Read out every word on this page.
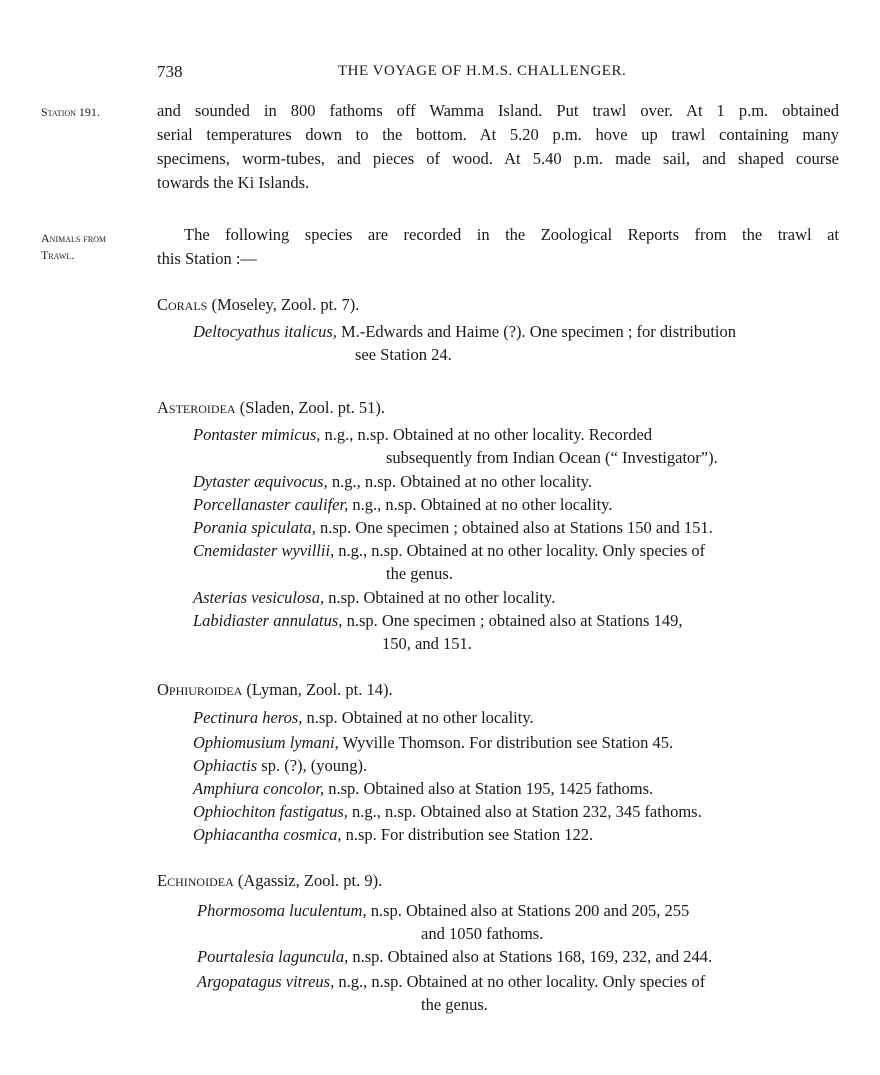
738	THE VOYAGE OF H.M.S. CHALLENGER.
Station 191.
Animals from
Trawl.
and sounded in 800 fathoms off Wamma Island. Put trawl over. At 1 p.m. obtained
serial temperatures down to the bottom. At 5.20 p.m. hove up trawl containing many
specimens, worm-tubes, and pieces of wood. At 5.40 p.m. made sail, and shaped course
towards the Ki Islands.
The following species are recorded in the Zoological Reports from the trawl at
this Station :—
Corals (Moseley, Zool. pt. 7).
Deltocyathus italicus, M.-Edwards and Haime (?). One specimen ; for distribution
see Station 24.
Asteroidea (Sladen, Zool. pt. 51).
Pontaster mimicus, n.g., n.sp. Obtained at no other locality. Recorded
subsequently from Indian Ocean (“ Investigator”).
Dytaster æquivocus, n.g., n.sp. Obtained at no other locality.
Porcellanaster caulifer, n.g., n.sp. Obtained at no other locality.
Porania spiculata, n.sp. One specimen ; obtained also at Stations 150 and 151.
Cnemidaster wyvillii, n.g., n.sp. Obtained at no other locality. Only species of
the genus.
Asterias vesiculosa, n.sp. Obtained at no other locality.
Labidiaster annulatus, n.sp. One specimen ; obtained also at Stations 149,
150, and 151.
Ophiuroidea (Lyman, Zool. pt. 14).
Pectinura heros, n.sp. Obtained at no other locality.
Ophiomusium lymani, Wyville Thomson. For distribution see Station 45.
Ophiactis sp. (?), (young).
Amphiura concolor, n.sp. Obtained also at Station 195, 1425 fathoms.
Ophiochiton fastigatus, n.g., n.sp. Obtained also at Station 232, 345 fathoms.
Ophiacantha cosmica, n.sp. For distribution see Station 122.
Echinoidea (Agassiz, Zool. pt. 9).
Phormosoma luculentum, n.sp. Obtained also at Stations 200 and 205, 255
and 1050 fathoms.
Pourtalesia laguncula, n.sp. Obtained also at Stations 168, 169, 232, and 244.
Argopatagus vitreus, n.g., n.sp. Obtained at no other locality. Only species of
the genus.
